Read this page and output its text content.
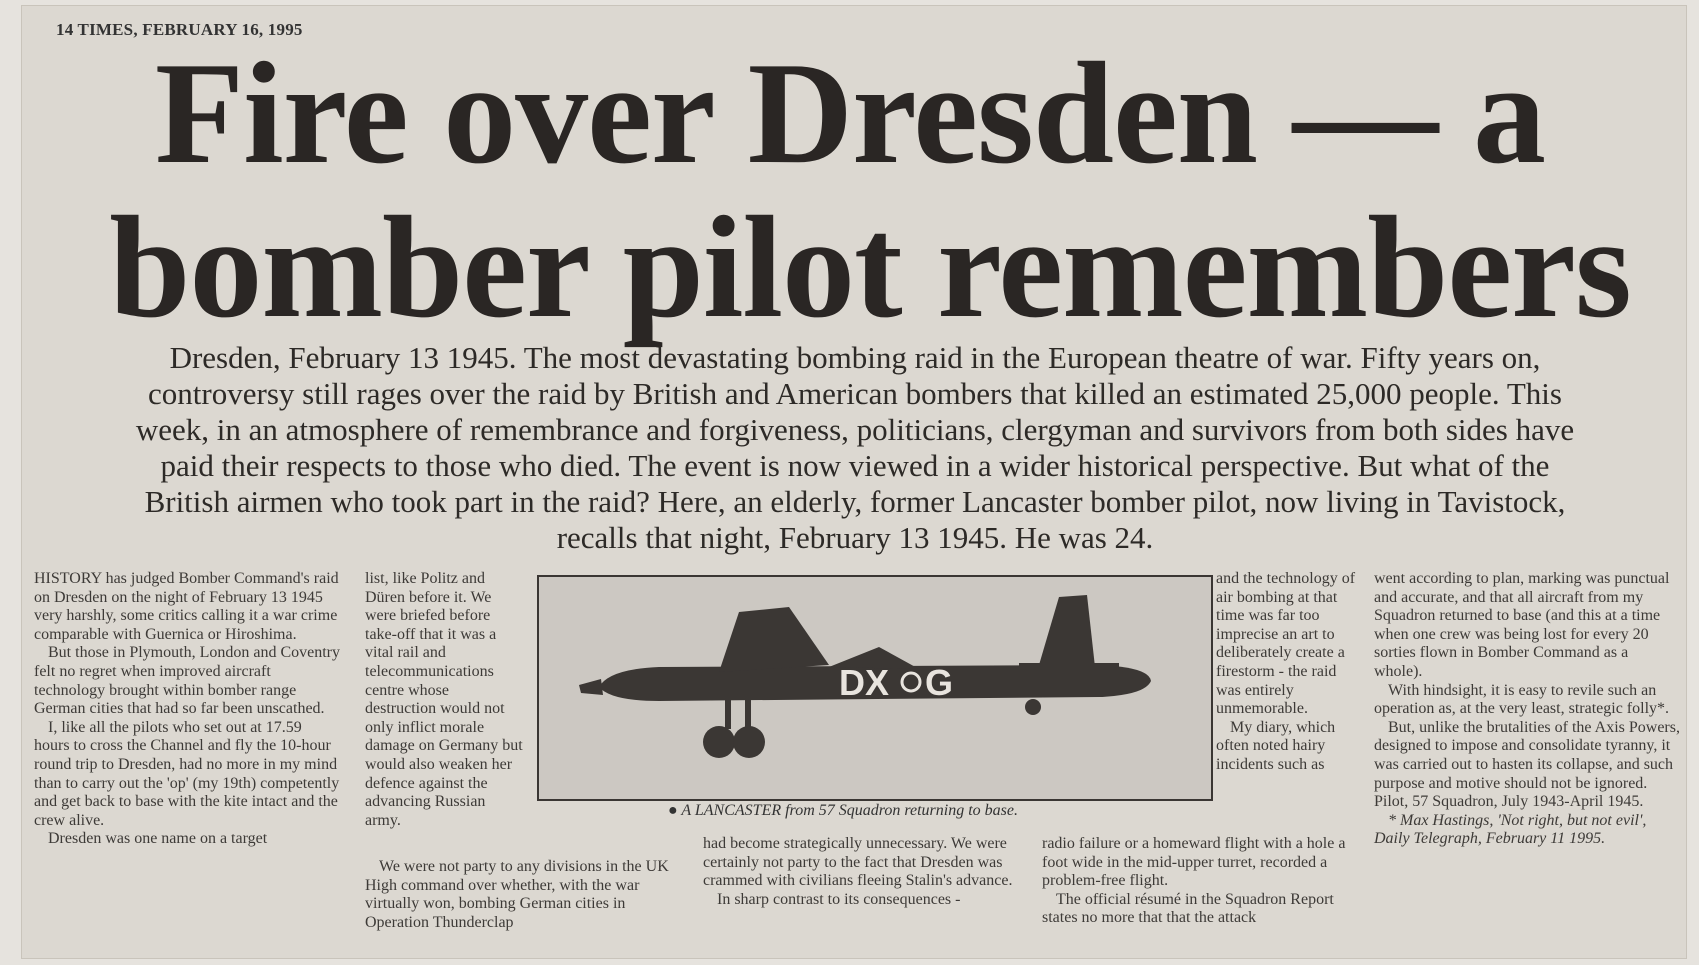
14 TIMES, FEBRUARY 16, 1995
Fire over Dresden — a
bomber pilot remembers
Dresden, February 13 1945. The most devastating bombing raid in the European theatre of war. Fifty years on,
controversy still rages over the raid by British and American bombers that killed an estimated 25,000 people. This
week, in an atmosphere of remembrance and forgiveness, politicians, clergyman and survivors from both sides have
paid their respects to those who died. The event is now viewed in a wider historical perspective. But what of the
British airmen who took part in the raid? Here, an elderly, former Lancaster bomber pilot, now living in Tavistock,
recalls that night, February 13 1945. He was 24.

HISTORY has judged Bomber Command's raid on Dresden on the night of February 13 1945 very harshly, some critics calling it a war crime comparable with Guernica or Hiroshima.

But those in Plymouth, London and Coventry felt no regret when improved aircraft technology brought within bomber range German cities that had so far been unscathed.

I, like all the pilots who set out at 17.59 hours to cross the Channel and fly the 10-hour round trip to Dresden, had no more in my mind than to carry out the 'op' (my 19th) competently and get back to base with the kite intact and the crew alive.

Dresden was one name on a target

list, like Politz and Düren before it. We were briefed before take-off that it was a vital rail and telecommunications centre whose destruction would not only inflict morale damage on Germany but would also weaken her defence against the advancing Russian army.

We were not party to any divisions in the UK High command over whether, with the war virtually won, bombing German cities in Operation Thunderclap

DX G
● A LANCASTER from 57 Squadron returning to base.

had become strategically unnecessary. We were certainly not party to the fact that Dresden was crammed with civilians fleeing Stalin's advance.

In sharp contrast to its consequences -

radio failure or a homeward flight with a hole a foot wide in the mid-upper turret, recorded a problem-free flight.

The official résumé in the Squadron Report states no more that that the attack

and the technology of air bombing at that time was far too imprecise an art to deliberately create a firestorm - the raid was entirely unmemorable.

My diary, which often noted hairy incidents such as

went according to plan, marking was punctual and accurate, and that all aircraft from my Squadron returned to base (and this at a time when one crew was being lost for every 20 sorties flown in Bomber Command as a whole).

With hindsight, it is easy to revile such an operation as, at the very least, strategic folly*.

But, unlike the brutalities of the Axis Powers, designed to impose and consolidate tyranny, it was carried out to hasten its collapse, and such purpose and motive should not be ignored.

Pilot, 57 Squadron, July 1943-April 1945.

* Max Hastings, 'Not right, but not evil', Daily Telegraph, February 11 1995.
